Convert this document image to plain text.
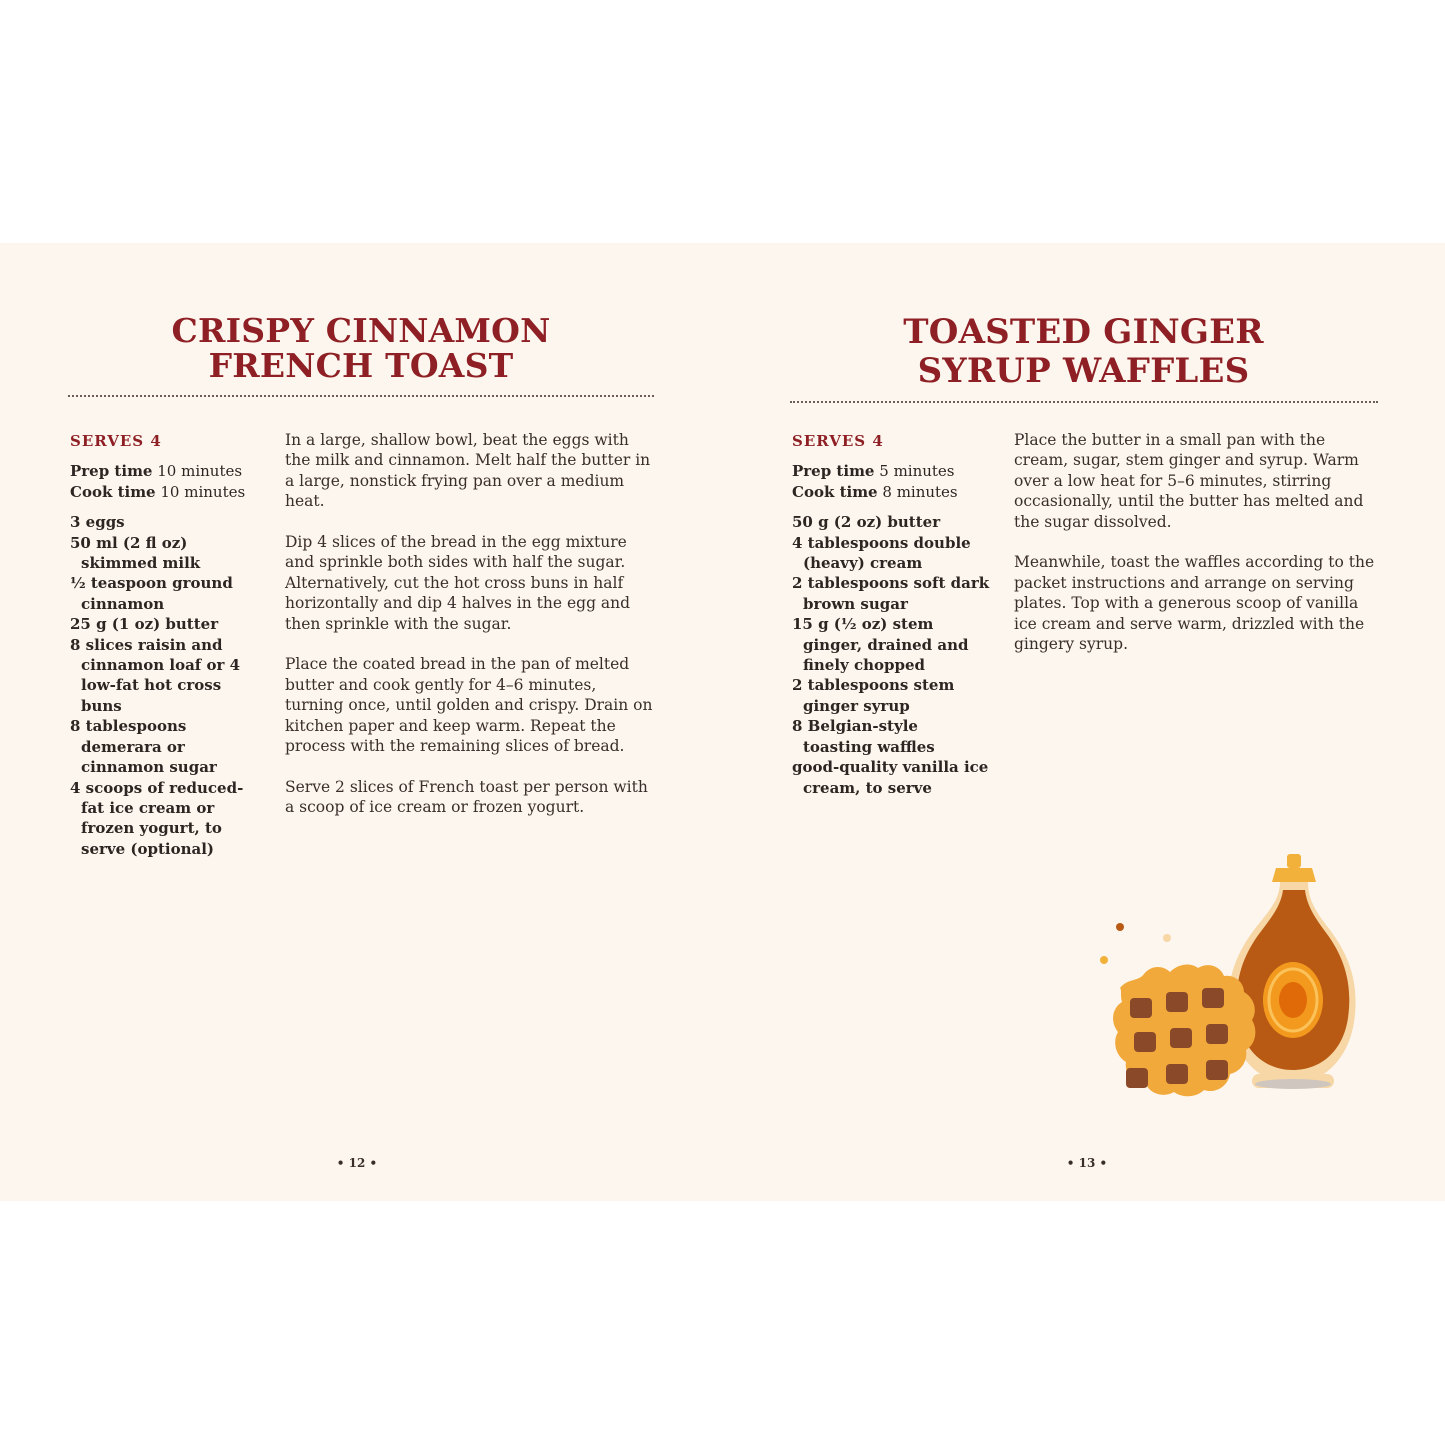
CRISPY CINNAMON
FRENCH TOAST
SERVES 4

Prep time 10 minutes

Cook time 10 minutes

3 eggs
50 ml (2 fl oz) skimmed milk
½ teaspoon ground cinnamon
25 g (1 oz) butter
8 slices raisin and cinnamon loaf or 4 low-fat hot cross buns
8 tablespoons demerara or cinnamon sugar
4 scoops of reduced-fat ice cream or frozen yogurt, to serve (optional)

In a large, shallow bowl, beat the eggs with the milk and cinnamon. Melt half the butter in a large, nonstick frying pan over a medium heat.

Dip 4 slices of the bread in the egg mixture and sprinkle both sides with half the sugar. Alternatively, cut the hot cross buns in half horizontally and dip 4 halves in the egg and then sprinkle with the sugar.

Place the coated bread in the pan of melted butter and cook gently for 4–6 minutes, turning once, until golden and crispy. Drain on kitchen paper and keep warm. Repeat the process with the remaining slices of bread.

Serve 2 slices of French toast per person with a scoop of ice cream or frozen yogurt.

• 12 •
TOASTED GINGER
SYRUP WAFFLES
SERVES 4

Prep time 5 minutes

Cook time 8 minutes

50 g (2 oz) butter
4 tablespoons double (heavy) cream
2 tablespoons soft dark brown sugar
15 g (½ oz) stem ginger, drained and finely chopped
2 tablespoons stem ginger syrup
8 Belgian-style toasting waffles
good-quality vanilla ice cream, to serve

Place the butter in a small pan with the cream, sugar, stem ginger and syrup. Warm over a low heat for 5–6 minutes, stirring occasionally, until the butter has melted and the sugar dissolved.

Meanwhile, toast the waffles according to the packet instructions and arrange on serving plates. Top with a generous scoop of vanilla ice cream and serve warm, drizzled with the gingery syrup.

• 13 •
